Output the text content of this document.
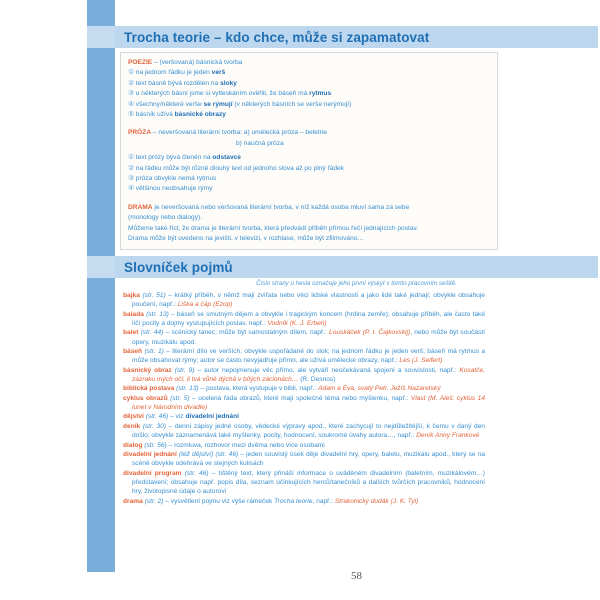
Trocha teorie – kdo chce, může si zapamatovat
POEZIE – (veršovaná) básnická tvorba
① na jednom řádku je jeden verš
② text básně bývá rozdělen na sloky
③ u některých básní jsme si vytleskáním ověřili, že báseň má rytmus
④ všechny/některé verše se rýmují (v některých básních se verše nerýmují)
⑤ básník užívá básnické obrazy
PRÓZA – neveršovaná literární tvorba: a) umělecká próza – beletrie
b) naučná próza
① text prózy bývá členěn na odstavce
② na řádku může být různě dlouhý text od jednoho slova až po plný řádek
③ próza obvykle nemá rytmus
④ většinou neobsahuje rýmy
DRAMA je neveršovaná nebo veršovaná literární tvorba, v níž každá osoba mluví sama za sebe
(monology nebo dialogy).
Můžeme také říct, že drama je literární tvorba, která předvádí příběh přímou řečí jednajících postav.
Drama může být uvedeno na jevišti, v televizi, v rozhlase, může být zfilmováno…
Slovníček pojmů
Číslo strany u hesla označuje jeho první výskyt v tomto pracovním sešitě.
bajka (str. 51) – krátký příběh, v němž mají zvířata nebo věci lidské vlastnosti a jako lidé také jednají; obvykle obsahuje poučení, např.: Liška a čáp (Ezop)
balada (str. 13) – báseň se smutným dějem a obvykle i tragickým koncem (hrdina zemře); obsahuje příběh, ale často také líčí pocity a dojmy vystupujících postav, např.: Vodník (K. J. Erben)
balet (str. 44) – scénický tanec; může být samostatným dílem, např.: Louskáček (P. I. Čajkovskij), nebo může být součástí opery, muzikálu apod.
báseň (str. 1) – literární dílo ve verších, obvykle uspořádané do slok; na jednom řádku je jeden verš; báseň má rytmus a může obsahovat rýmy; autor se často nevyjadřuje přímo, ale užívá umělecké obrazy, např.: Les (J. Seifert)
básnický obraz (str. 9) – autor nepojmenuje věc přímo, ale vytváří neočekávaná spojení a souvislosti, např.: Kosatče, zázraku mých očí, li tvá vůně dýchá v bílých záclonách… (R. Desnos)
biblická postava (str. 13) – postava, která vystupuje v bibli, např.: Adam a Eva, svatý Petr, Ježíš Nazaretský
cyklus obrazů (str. 5) – ucelená řada obrazů, které mají společné téma nebo myšlenku, např.: Vlast (M. Aleš: cyklus 14 lunet v Národním divadle)
dějství (str. 46) – viz divadelní jednání
deník (str. 30) – denní zápisy jedné osoby, vědecké výpravy apod., které zachycují to nejdůležitější, k čemu v daný den došlo; obvykle zaznamenává také myšlenky, pocity, hodnocení, soukromé úvahy autora…, např.: Deník Anny Frankové
dialog (str. 56) – rozmluva, rozhovor mezi dvěma nebo více osobami
divadelní jednání (též dějství) (str. 46) – jeden souvislý úsek děje divadelní hry, opery, baletu, muzikálu apod., který se na scéně obvykle odehrává ve stejných kulisách
divadelní program (str. 46) – tištěný text, který přináší informace o uváděném divadelním (baletním, muzikálovém…) představení; obsahuje např. popis díla, seznam účinkujících herců/tanečníků a dalších tvůrčích pracovníků, hodnocení hry, životopisné údaje o autorovi
drama (str. 2) – vysvětlení pojmu viz výše rámeček Trocha teorie, např.: Strakonický dudák (J. K. Tyl)
58
